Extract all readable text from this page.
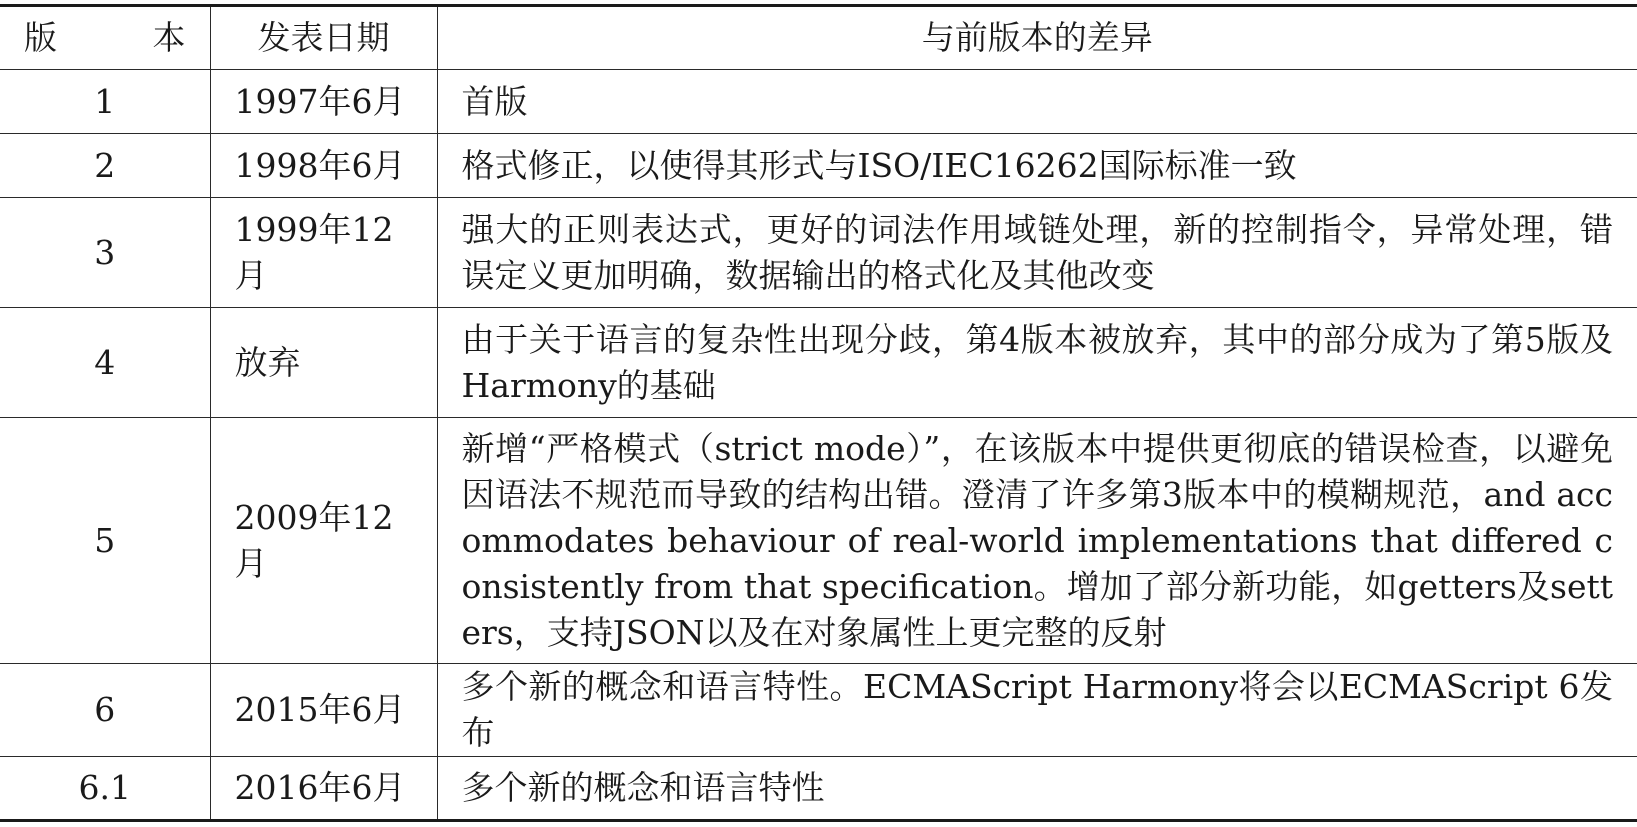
版　本	发表日期	与前版本的差异
1	1997年6月	首版
2	1998年6月	格式修正，以使得其形式与ISO/IEC16262国际标准一致
3	1999年12月	强大的正则表达式，更好的词法作用域链处理，新的控制指令，异常处理，错误定义更加明确，数据输出的格式化及其他改变
4	放弃	由于关于语言的复杂性出现分歧，第4版本被放弃，其中的部分成为了第5版及Harmony的基础
5	2009年12月	新增“严格模式（strict mode）”，在该版本中提供更彻底的错误检查，以避免因语法不规范而导致的结构出错。澄清了许多第3版本中的模糊规范，and accommodates behaviour of real-world implementations that differed consistently from that specification。增加了部分新功能，如getters及setters，支持JSON以及在对象属性上更完整的反射
6	2015年6月	多个新的概念和语言特性。ECMAScript Harmony将会以ECMAScript 6发布
6.1	2016年6月	多个新的概念和语言特性
